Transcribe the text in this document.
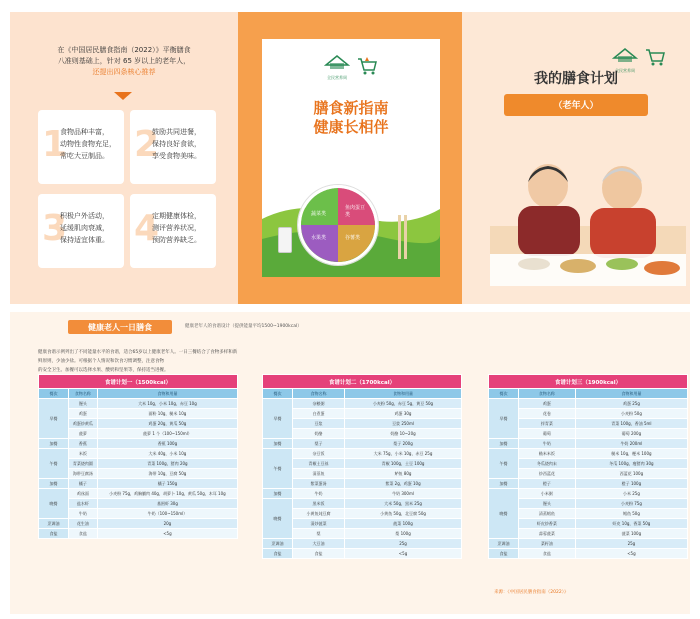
在《中国居民膳食指南（2022）》平衡膳食
八准则基础上，针对 65 岁以上的老年人，
还提出四条核心推荐
1
食物品种丰富，
动物性食物充足，
常吃大豆制品。 2
鼓励共同进餐，
保持良好食欲，
享受食物美味。
3
积极户外活动，
延缓肌肉衰减，
保持适宜体重。 4
定期健康体检，
测评营养状况，
预防营养缺乏。
全民营养周
膳食新指南
健康长相伴
蔬菜类
鱼肉蛋豆类
水果类	谷薯类
全民营养周
我的膳食计划
（老年人）
健康老人一日膳食	健康老年人的食谱设计（提供能量平均1500~1900kcal）
健康食谱示例列出了不同能量水平的食谱，适合65岁以上健康老年人。一日三餐结合了食物多样和新鲜原则，少油少盐。可根据个人情况和饮食习惯调整，注意食物
的安全卫生。加餐可以选择水果、酸奶和坚果等，保持适当进餐。
食谱计划一（1500kcal）		
餐次	食物名称	食物和用量
早餐	馒头	大米 10g，小米 10g，赤豆 10g
	鸡蛋	面粉 10g，糙米 10g
	鸡蛋炒黄瓜	鸡蛋 20g，黄瓜 50g
	菠萝	菠萝 1 个（100~150ml）
加餐	香蕉	香蕉 100g
午餐	米饭	大米 40g，小米 10g
	青菜烧肉圆	青菜 100g，猪肉 20g
	海带豆腐汤	海带 10g，豆腐 50g
加餐	橘子	橘子 150g
晚餐	鸡丝面	小麦粉 75g，鸡胸脯肉 40g，胡萝卜 10g，黄瓜 50g，木耳 10g
	盐水虾	基围虾 30g
	牛奶	牛奶（100~150ml）
烹调油	花生油	20g
食盐	食盐	<5g
食谱计划二（1700kcal）		
餐次	食物名称	食物和用量
早餐	杂粮粥	小麦粉 50g，赤豆 5g，黄豆 50g
	白煮蛋	鸡蛋 30g
	豆浆	豆浆 250ml
	奶酪	奶酪 10~20g
加餐	梨子	梨子 200g
午餐	杂豆饭	大米 75g，小米 10g，赤豆 25g
	青椒土豆丝	青椒 100g，土豆 100g
	清蒸鱼	鲈鱼 80g
	紫菜蛋汤	紫菜 2g，鸡蛋 10g
加餐	牛奶	牛奶 300ml
晚餐	黑米饭	大米 50g，黑米 25g
	小黄鱼炖豆腐	小黄鱼 50g，北豆腐 50g
	清炒菠菜	菠菜 100g
	梨	梨 100g
烹调油	大豆油	25g
食盐	食盐	<5g
食谱计划三（1900kcal）		
餐次	食物名称	食物和用量
早餐	鸡蛋	鸡蛋 25g
	花卷	小麦粉 50g
	拌青菜	青菜 100g，香油 5ml
	葡萄	葡萄 200g
加餐	牛奶	牛奶 200ml
午餐	糙米米饭	糙米 10g，粳米 100g
	冬瓜烧肉末	冬瓜 100g，瘦猪肉 30g
	炒西蓝花	西蓝花 100g
加餐	橙子	橙子 100g
晚餐	小米粥	小米 25g
	馒头	小麦粉 75g
	清蒸鲳鱼	鲳鱼 50g
	虾皮炒香菜	虾皮 10g，香菜 50g
	蒜蓉菠菜	菠菜 100g
烹调油	菜籽油	25g
食盐	食盐	<5g
来源：《中国居民膳食指南（2022）》
